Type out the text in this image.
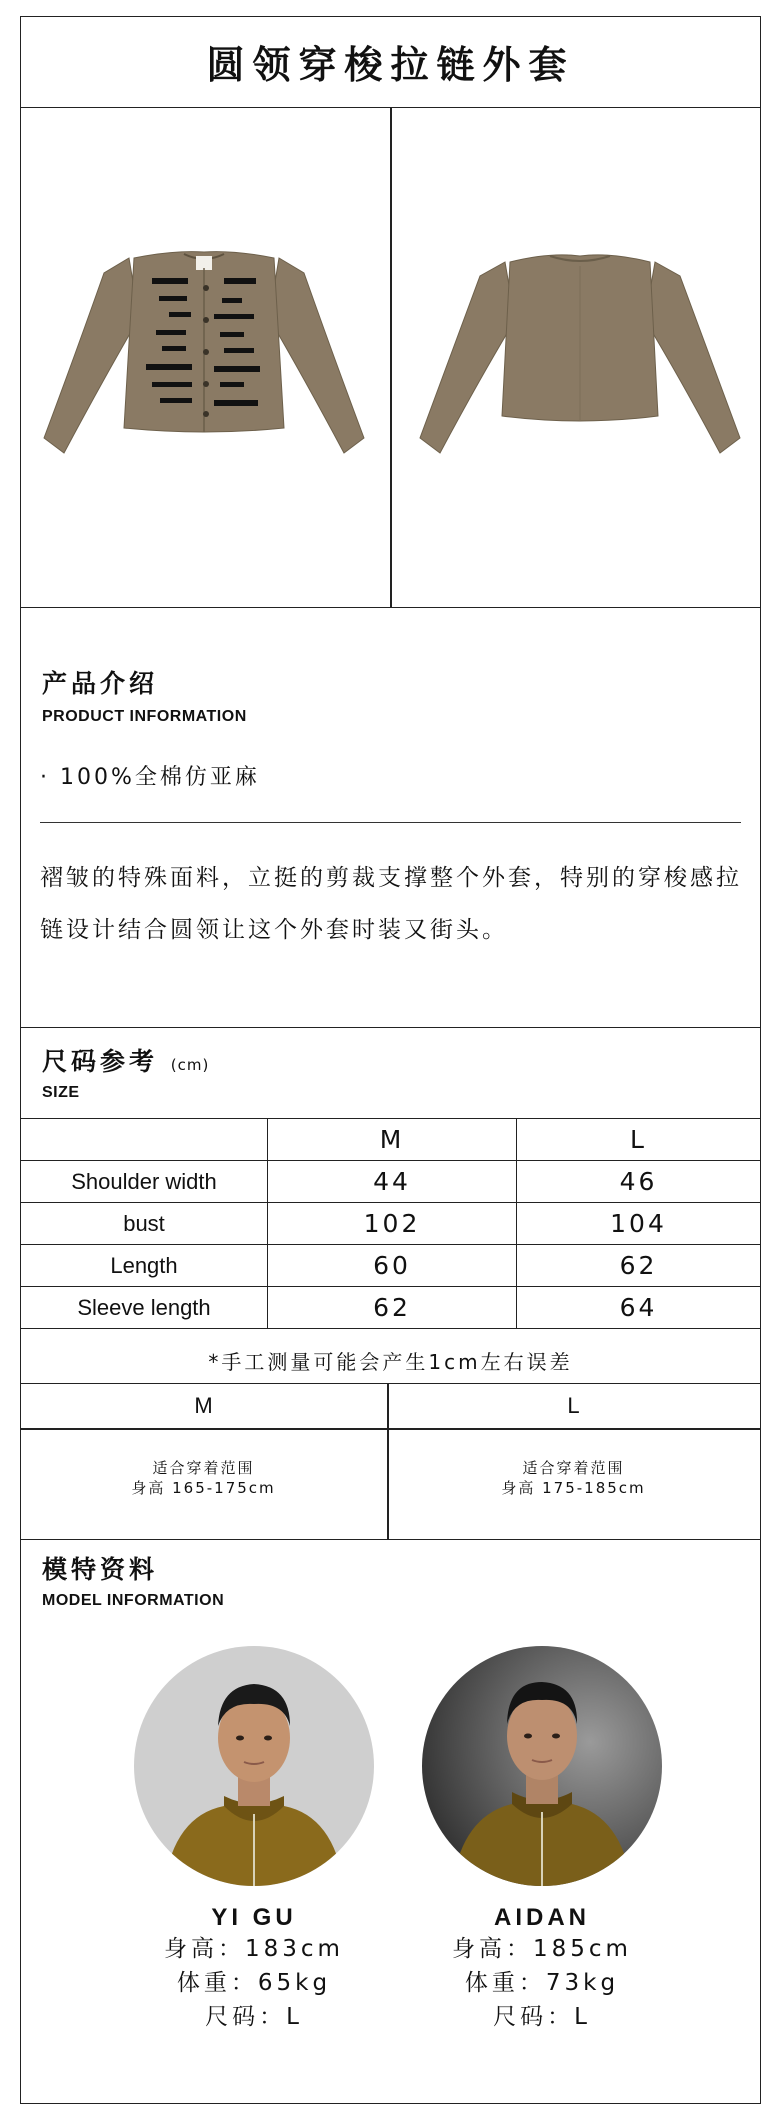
圆领穿梭拉链外套
产品介绍
PRODUCT INFORMATION
· 100%全棉仿亚麻
褶皱的特殊面料，立挺的剪裁支撑整个外套，特别的穿梭感拉链设计结合圆领让这个外套时装又街头。
尺码参考 (cm)
SIZE
	M	L
Shoulder width	44	46
bust	102	104
Length	60	62
Sleeve length	62	64
*手工测量可能会产生1cm左右误差
M	L
适合穿着范围
身高 165-175cm
适合穿着范围
身高 175-185cm
模特资料
MODEL INFORMATION
YI GU
身高：183cm
体重：65kg
尺码：L
AIDAN
身高：185cm
体重：73kg
尺码：L
